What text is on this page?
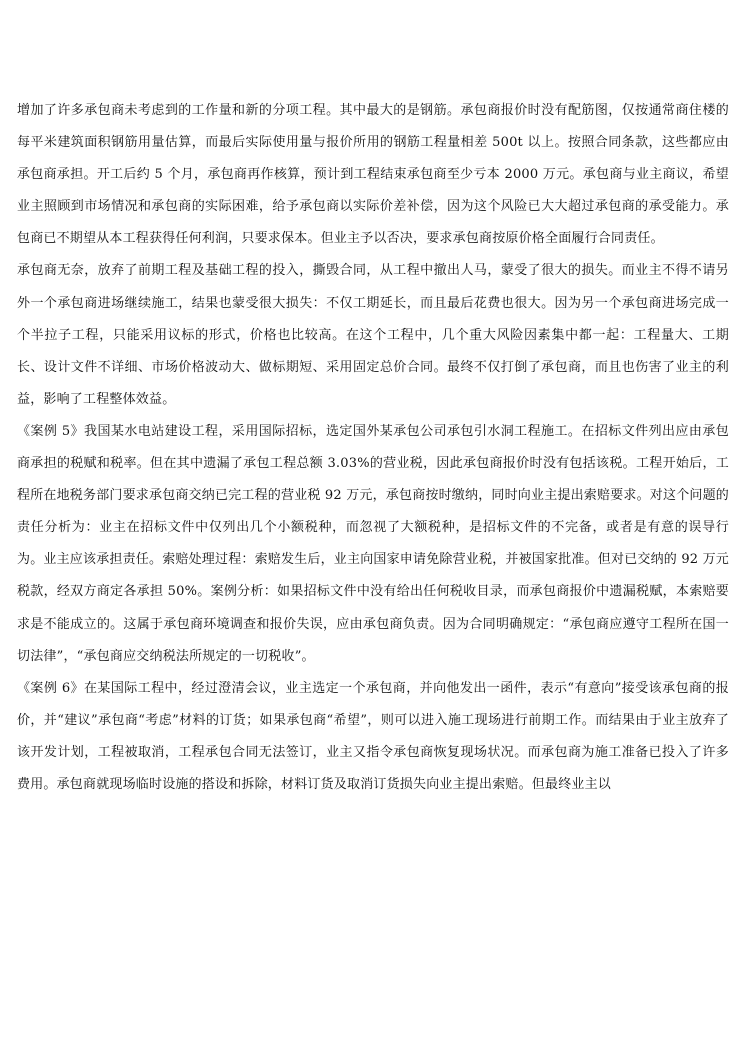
增加了许多承包商未考虑到的工作量和新的分项工程。其中最大的是钢筋。承包商报价时没有配筋图，仅按通常商住楼的每平米建筑面积钢筋用量估算，而最后实际使用量与报价所用的钢筋工程量相差 500t 以上。按照合同条款，这些都应由承包商承担。开工后约 5 个月，承包商再作核算，预计到工程结束承包商至少亏本 2000 万元。承包商与业主商议，希望业主照顾到市场情况和承包商的实际困难，给予承包商以实际价差补偿，因为这个风险已大大超过承包商的承受能力。承包商已不期望从本工程获得任何利润，只要求保本。但业主予以否决，要求承包商按原价格全面履行合同责任。

承包商无奈，放弃了前期工程及基础工程的投入，撕毁合同，从工程中撤出人马，蒙受了很大的损失。而业主不得不请另外一个承包商进场继续施工，结果也蒙受很大损失：不仅工期延长，而且最后花费也很大。因为另一个承包商进场完成一个半拉子工程，只能采用议标的形式，价格也比较高。在这个工程中，几个重大风险因素集中都一起：工程量大、工期长、设计文件不详细、市场价格波动大、做标期短、采用固定总价合同。最终不仅打倒了承包商，而且也伤害了业主的利益，影响了工程整体效益。

《案例 5》我国某水电站建设工程，采用国际招标，选定国外某承包公司承包引水洞工程施工。在招标文件列出应由承包商承担的税赋和税率。但在其中遗漏了承包工程总额 3.03%的营业税，因此承包商报价时没有包括该税。工程开始后，工程所在地税务部门要求承包商交纳已完工程的营业税 92 万元，承包商按时缴纳，同时向业主提出索赔要求。对这个问题的责任分析为：业主在招标文件中仅列出几个小额税种，而忽视了大额税种，是招标文件的不完备，或者是有意的误导行为。业主应该承担责任。索赔处理过程：索赔发生后，业主向国家申请免除营业税，并被国家批准。但对已交纳的 92 万元税款，经双方商定各承担 50%。案例分析：如果招标文件中没有给出任何税收目录，而承包商报价中遗漏税赋，本索赔要求是不能成立的。这属于承包商环境调查和报价失误，应由承包商负责。因为合同明确规定：“承包商应遵守工程所在国一切法律”，“承包商应交纳税法所规定的一切税收”。

《案例 6》在某国际工程中，经过澄清会议，业主选定一个承包商，并向他发出一函件，表示“有意向”接受该承包商的报价，并“建议”承包商“考虑”材料的订货；如果承包商“希望”，则可以进入施工现场进行前期工作。而结果由于业主放弃了该开发计划，工程被取消，工程承包合同无法签订，业主又指令承包商恢复现场状况。而承包商为施工准备已投入了许多费用。承包商就现场临时设施的搭设和拆除，材料订货及取消订货损失向业主提出索赔。但最终业主以
